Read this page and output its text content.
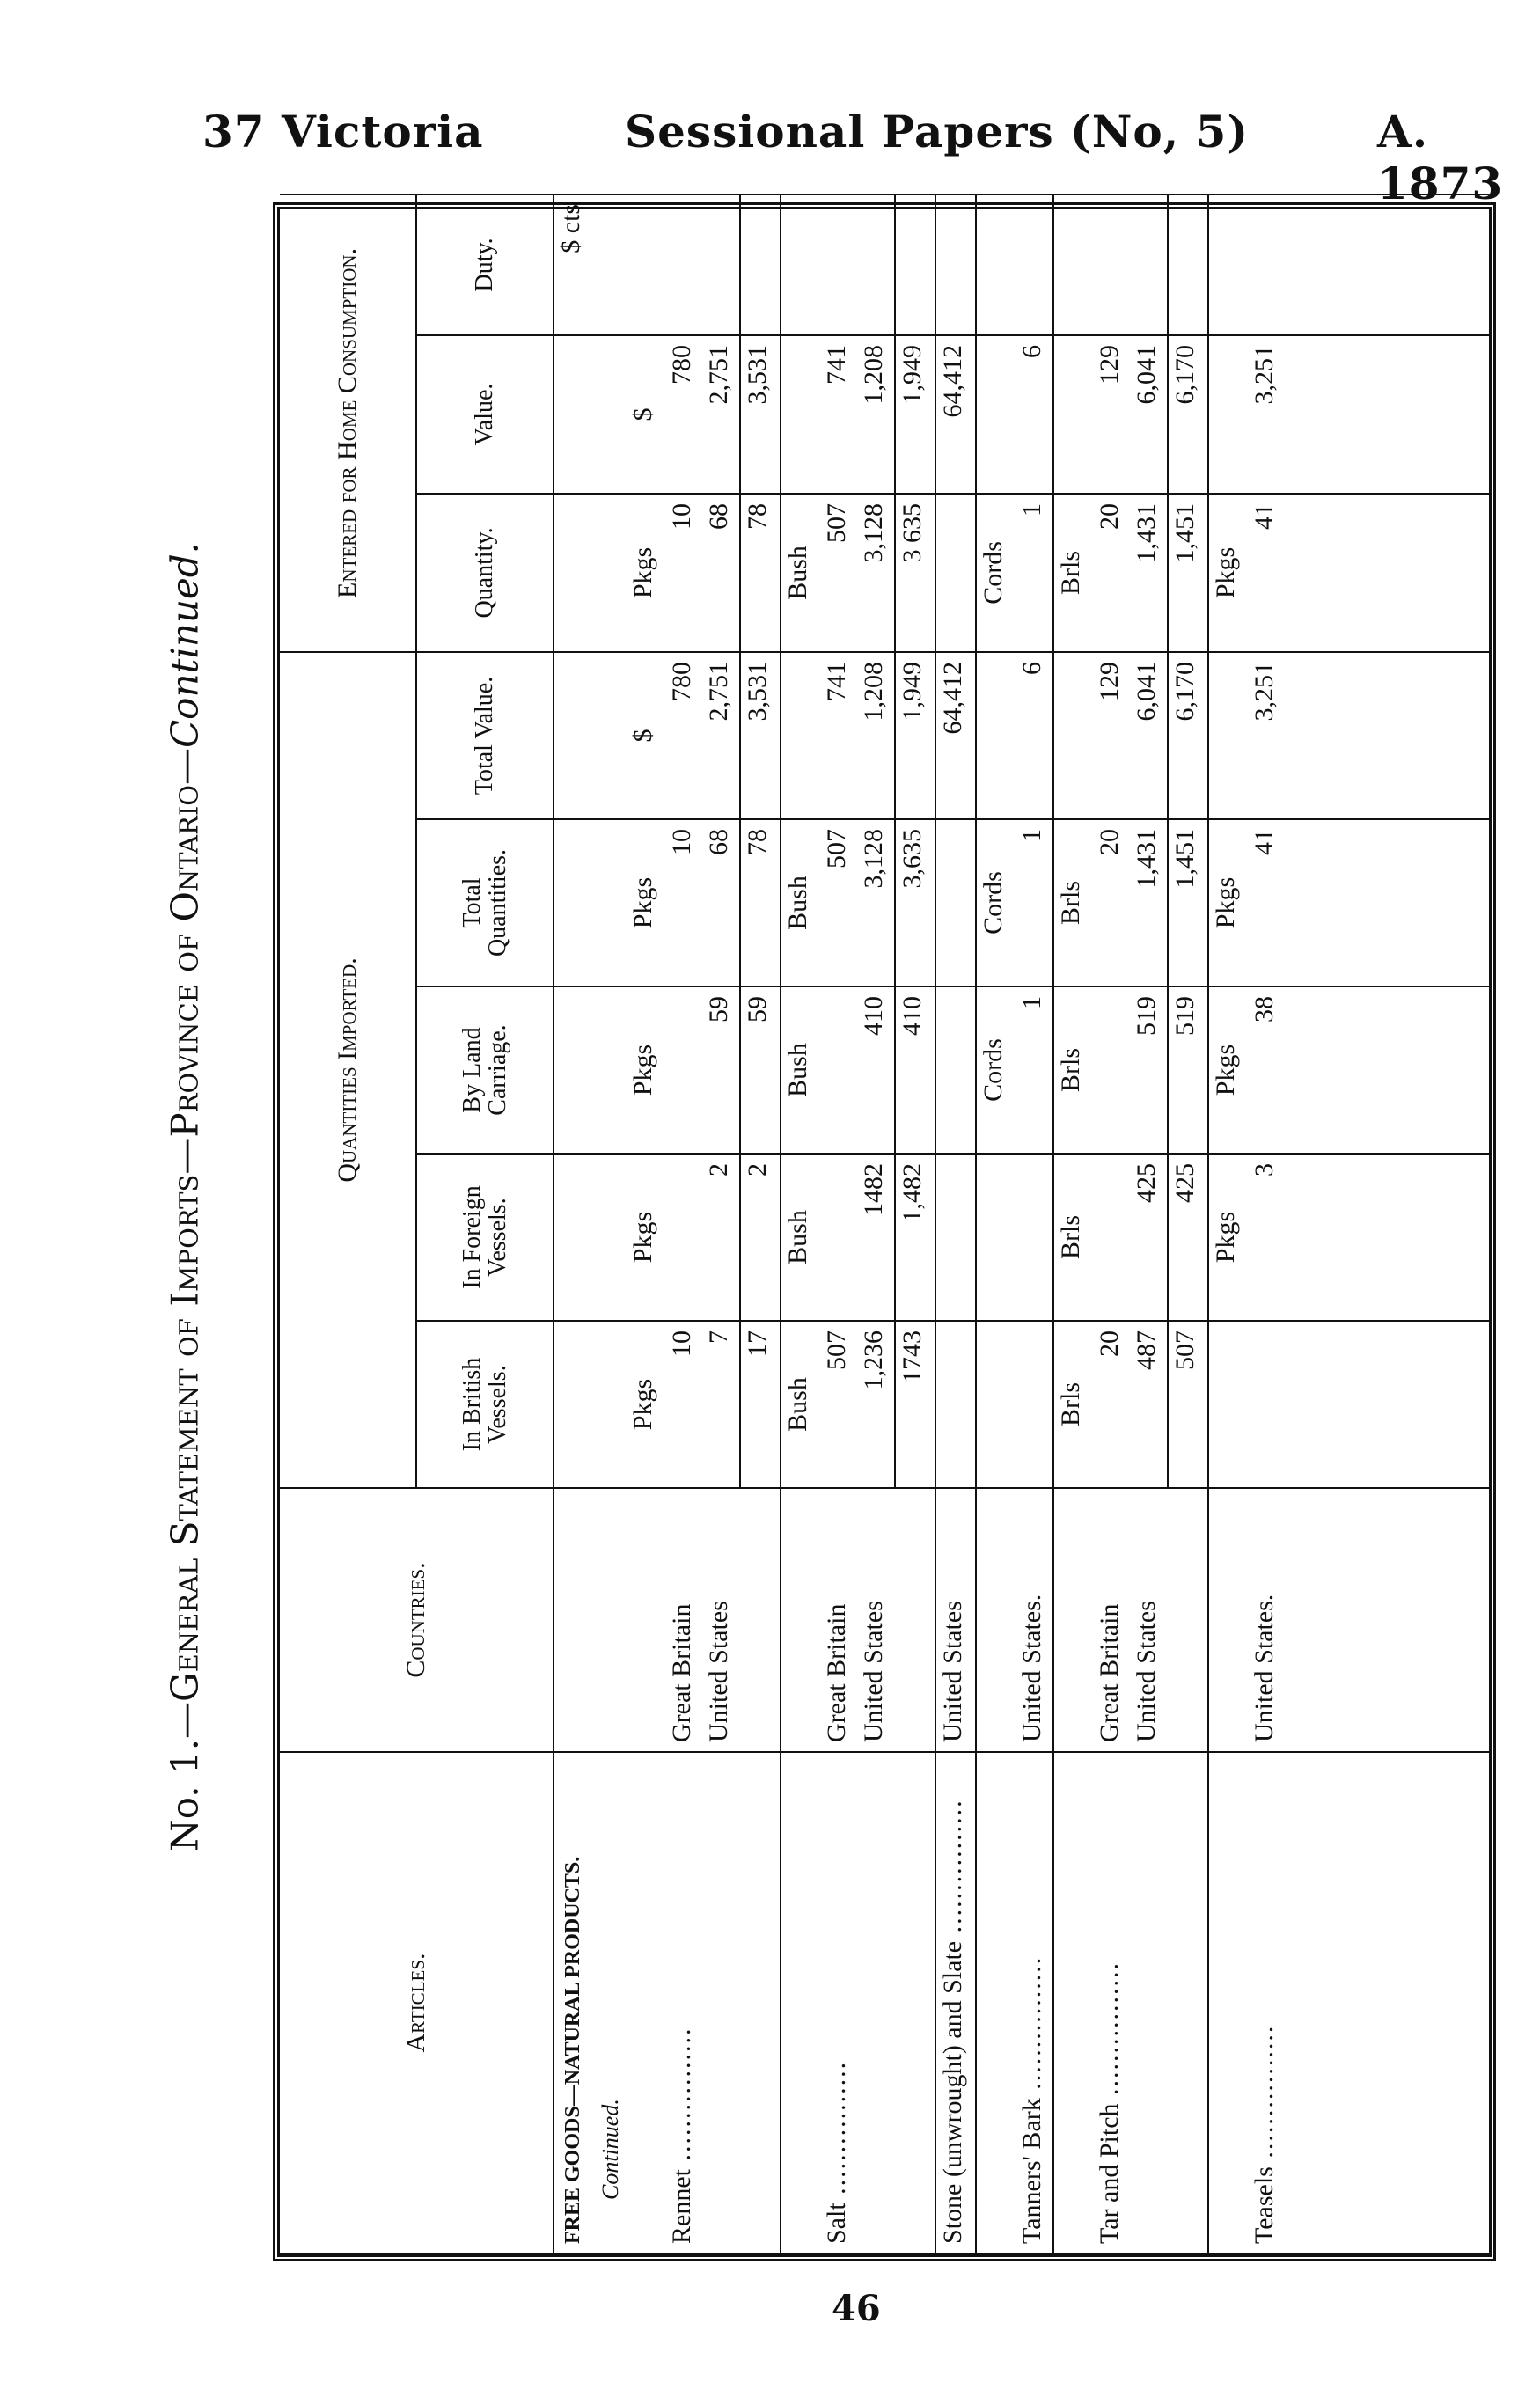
37 Victoria	Sessional Papers (No, 5)	A. 1873
No. 1.—General Statement of Imports—Province of Ontario—Continued.
Articles.	Countries.	Quantities Imported.					Entered for Home Consumption.		
		In British Vessels.	In Foreign Vessels.	By Land Carriage.	Total Quantities.	Total Value.	Quantity.	Value.	Duty.
FREE GOODS—NATURAL PRODUCTS.									$ cts
Continued.									
		Pkgs	Pkgs	Pkgs	Pkgs	$	Pkgs	$	
Rennet .....	Great Britain	10			10	780	10	780	
	United States	7	2	59	68	2,751	68	2,751	
		17	2	59	78	3,531	78	3,531	
		Bush	Bush	Bush	Bush		Bush		
Salt .....	Great Britain	507			507	741	507	741	
	United States	1,236	1482	410	3,128	1,208	3,128	1,208	
		1743	1,482	410	3,635	1,949	3 635	1,949	
Stone (unwrought) and Slate .....	United States					64,412		64,412	
				Cords	Cords		Cords		
Tanners' Bark .....	United States.			1	1	6	1	6	
		Brls	Brls	Brls	Brls		Brls		
Tar and Pitch .....	Great Britain	20			20	129	20	129	
	United States	487	425	519	1,431	6,041	1,431	6,041	
		507	425	519	1,451	6,170	1,451	6,170	
			Pkgs	Pkgs	Pkgs		Pkgs		
Teasels .....	United States.		3	38	41	3,251	41	3,251	

46
